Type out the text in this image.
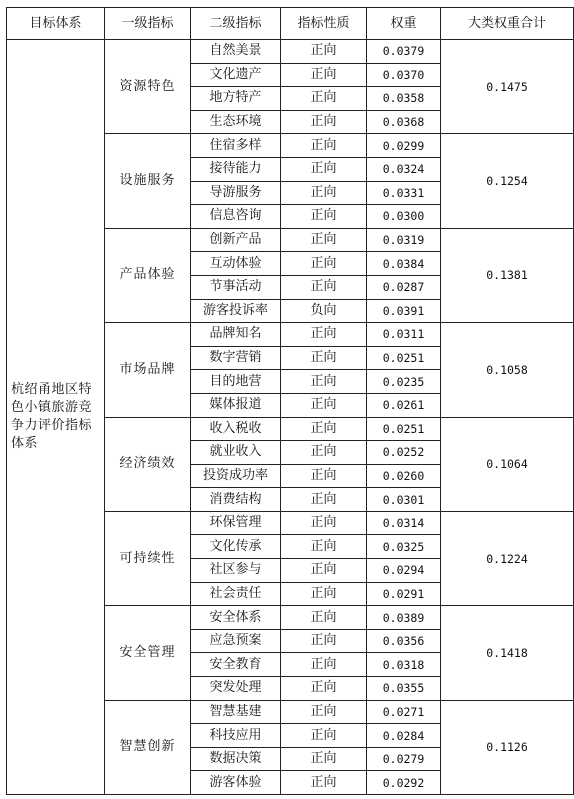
目标体系	一级指标	二级指标	指标性质	权重	大类权重合计
杭绍甬地区特色小镇旅游竞争力评价指标体系	资源特色	自然美景	正向	0.0379	0.1475
		文化遗产	正向	0.0370	
		地方特产	正向	0.0358	
		生态环境	正向	0.0368	
	设施服务	住宿多样	正向	0.0299	0.1254
		接待能力	正向	0.0324	
		导游服务	正向	0.0331	
		信息咨询	正向	0.0300	
	产品体验	创新产品	正向	0.0319	0.1381
		互动体验	正向	0.0384	
		节事活动	正向	0.0287	
		游客投诉率	负向	0.0391	
	市场品牌	品牌知名	正向	0.0311	0.1058
		数字营销	正向	0.0251	
		目的地营	正向	0.0235	
		媒体报道	正向	0.0261	
	经济绩效	收入税收	正向	0.0251	0.1064
		就业收入	正向	0.0252	
		投资成功率	正向	0.0260	
		消费结构	正向	0.0301	
	可持续性	环保管理	正向	0.0314	0.1224
		文化传承	正向	0.0325	
		社区参与	正向	0.0294	
		社会责任	正向	0.0291	
	安全管理	安全体系	正向	0.0389	0.1418
		应急预案	正向	0.0356	
		安全教育	正向	0.0318	
		突发处理	正向	0.0355	
	智慧创新	智慧基建	正向	0.0271	0.1126
		科技应用	正向	0.0284	
		数据决策	正向	0.0279	
		游客体验	正向	0.0292	
